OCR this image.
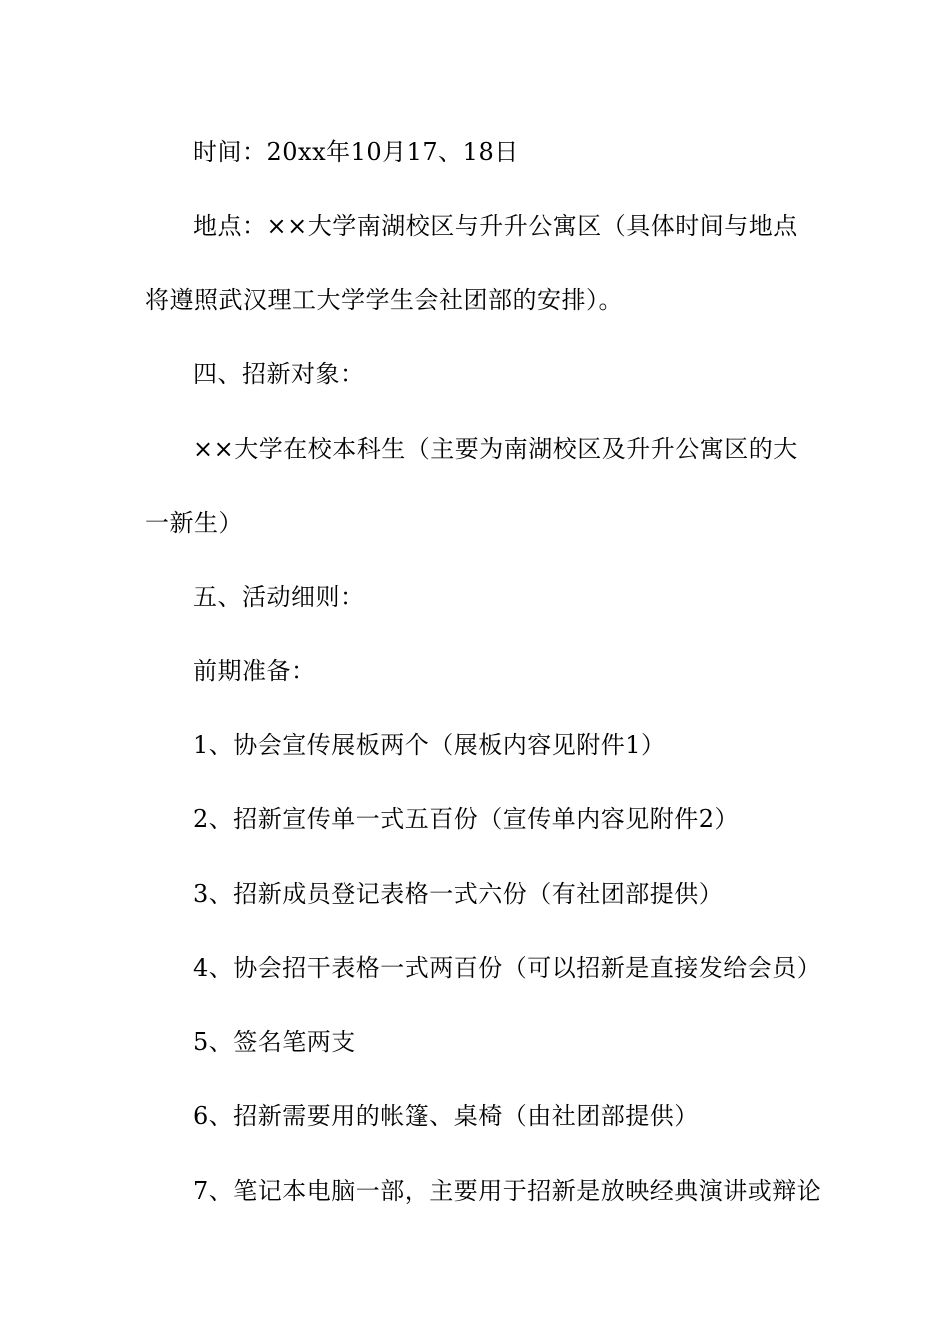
时间：20xx年10月17、18日
地点：××大学南湖校区与升升公寓区（具体时间与地点
将遵照武汉理工大学学生会社团部的安排）。
四、招新对象：
××大学在校本科生（主要为南湖校区及升升公寓区的大
一新生）
五、活动细则：
前期准备：
1、协会宣传展板两个（展板内容见附件1）
2、招新宣传单一式五百份（宣传单内容见附件2）
3、招新成员登记表格一式六份（有社团部提供）
4、协会招干表格一式两百份（可以招新是直接发给会员）
5、签名笔两支
6、招新需要用的帐篷、桌椅（由社团部提供）
7、笔记本电脑一部，主要用于招新是放映经典演讲或辩论
